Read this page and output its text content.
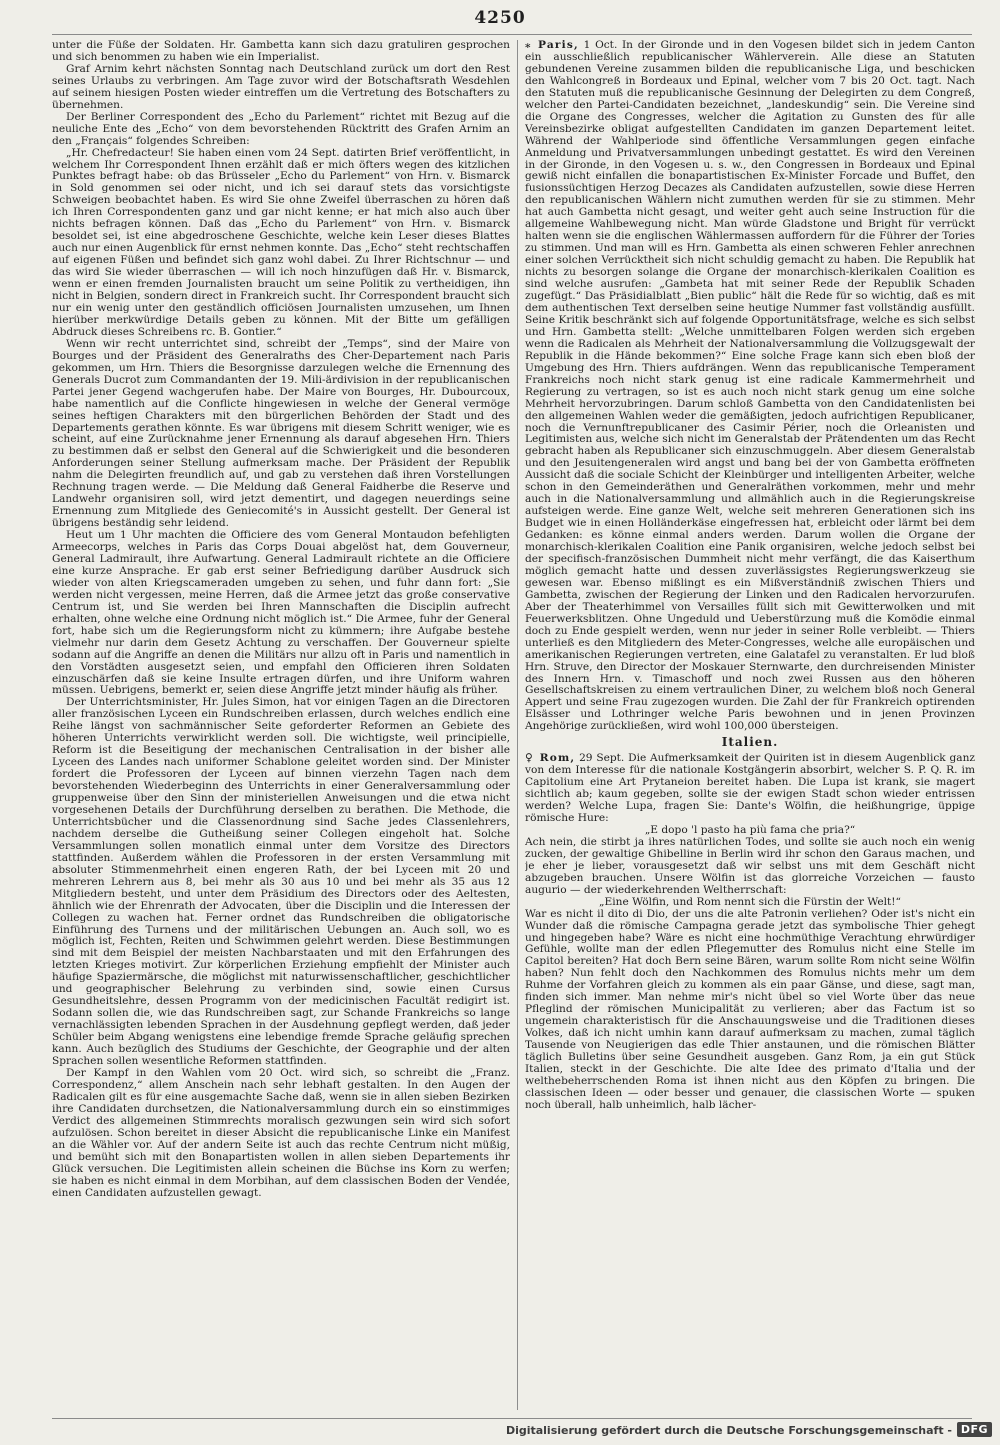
4250

unter die Füße der Soldaten. Hr. Gambetta kann sich dazu gratuliren gesprochen und sich benommen zu haben wie ein Imperialist.

Graf Arnim kehrt nächsten Sonntag nach Deutschland zurück um dort den Rest seines Urlaubs zu verbringen. Am Tage zuvor wird der Botschaftsrath Wesdehlen auf seinem hiesigen Posten wieder eintreffen um die Vertretung des Botschafters zu übernehmen.

Der Berliner Correspondent des „Echo du Parlement“ richtet mit Bezug auf die neuliche Ente des „Echo“ von dem bevorstehenden Rücktritt des Grafen Arnim an den „Français“ folgendes Schreiben:

„Hr. Chefredacteur! Sie haben einen vom 24 Sept. datirten Brief veröffentlicht, in welchem Ihr Correspondent Ihnen erzählt daß er mich öfters wegen des kitzlichen Punktes befragt habe: ob das Brüsseler „Echo du Parlement“ von Hrn. v. Bismarck in Sold genommen sei oder nicht, und ich sei darauf stets das vorsichtigste Schweigen beobachtet haben. Es wird Sie ohne Zweifel überraschen zu hören daß ich Ihren Correspondenten ganz und gar nicht kenne; er hat mich also auch über nichts befragen können. Daß das „Echo du Parlement“ von Hrn. v. Bismarck besoldet sei, ist eine abgedroschene Geschichte, welche kein Leser dieses Blattes auch nur einen Augenblick für ernst nehmen konnte. Das „Echo“ steht rechtschaffen auf eigenen Füßen und befindet sich ganz wohl dabei. Zu Ihrer Richtschnur — und das wird Sie wieder überraschen — will ich noch hinzufügen daß Hr. v. Bismarck, wenn er einen fremden Journalisten braucht um seine Politik zu vertheidigen, ihn nicht in Belgien, sondern direct in Frankreich sucht. Ihr Correspondent braucht sich nur ein wenig unter den geständlich officiösen Journalisten umzusehen, um Ihnen hierüber merkwürdige Details geben zu können. Mit der Bitte um gefälligen Abdruck dieses Schreibens rc. B. Gontier.“

Wenn wir recht unterrichtet sind, schreibt der „Temps“, sind der Maire von Bourges und der Präsident des Generalraths des Cher-Departement nach Paris gekommen, um Hrn. Thiers die Besorgnisse darzulegen welche die Ernennung des Generals Ducrot zum Commandanten der 19. Mili-ärdivision in der republicanischen Partei jener Gegend wachgerufen habe. Der Maire von Bourges, Hr. Dubourcoux, habe namentlich auf die Conflicte hingewiesen in welche der General vermöge seines heftigen Charakters mit den bürgerlichen Behörden der Stadt und des Departements gerathen könnte. Es war übrigens mit diesem Schritt weniger, wie es scheint, auf eine Zurücknahme jener Ernennung als darauf abgesehen Hrn. Thiers zu bestimmen daß er selbst den General auf die Schwierigkeit und die besonderen Anforderungen seiner Stellung aufmerksam mache. Der Präsident der Republik nahm die Delegirten freundlich auf, und gab zu verstehen daß ihren Vorstellungen Rechnung tragen werde. — Die Meldung daß General Faidherbe die Reserve und Landwehr organisiren soll, wird jetzt dementirt, und dagegen neuerdings seine Ernennung zum Mitgliede des Geniecomité's in Aussicht gestellt. Der General ist übrigens beständig sehr leidend.

Heut um 1 Uhr machten die Officiere des vom General Montaudon befehligten Armeecorps, welches in Paris das Corps Douai abgelöst hat, dem Gouverneur, General Ladmirault, ihre Aufwartung. General Ladmirault richtete an die Officiere eine kurze Ansprache. Er gab erst seiner Befriedigung darüber Ausdruck sich wieder von alten Kriegscameraden umgeben zu sehen, und fuhr dann fort: „Sie werden nicht vergessen, meine Herren, daß die Armee jetzt das große conservative Centrum ist, und Sie werden bei Ihren Mannschaften die Disciplin aufrecht erhalten, ohne welche eine Ordnung nicht möglich ist.“ Die Armee, fuhr der General fort, habe sich um die Regierungsform nicht zu kümmern; ihre Aufgabe bestehe vielmehr nur darin dem Gesetz Achtung zu verschaffen. Der Gouverneur spielte sodann auf die Angriffe an denen die Militärs nur allzu oft in Paris und namentlich in den Vorstädten ausgesetzt seien, und empfahl den Officieren ihren Soldaten einzuschärfen daß sie keine Insulte ertragen dürfen, und ihre Uniform wahren müssen. Uebrigens, bemerkt er, seien diese Angriffe jetzt minder häufig als früher.

Der Unterrichtsminister, Hr. Jules Simon, hat vor einigen Tagen an die Directoren aller französischen Lyceen ein Rundschreiben erlassen, durch welches endlich eine Reihe längst von sachmännischer Seite geforderter Reformen an Gebiete des höheren Unterrichts verwirklicht werden soll. Die wichtigste, weil principielle, Reform ist die Beseitigung der mechanischen Centralisation in der bisher alle Lyceen des Landes nach uniformer Schablone geleitet worden sind. Der Minister fordert die Professoren der Lyceen auf binnen vierzehn Tagen nach dem bevorstehenden Wiederbeginn des Unterrichts in einer Generalversammlung oder gruppenweise über den Sinn der ministeriellen Anweisungen und die etwa nicht vorgesehenen Details der Durchführung derselben zu berathen. Die Methode, die Unterrichtsbücher und die Classenordnung sind Sache jedes Classenlehrers, nachdem derselbe die Gutheißung seiner Collegen eingeholt hat. Solche Versammlungen sollen monatlich einmal unter dem Vorsitze des Directors stattfinden. Außerdem wählen die Professoren in der ersten Versammlung mit absoluter Stimmenmehrheit einen engeren Rath, der bei Lyceen mit 20 und mehreren Lehrern aus 8, bei mehr als 30 aus 10 und bei mehr als 35 aus 12 Mitgliedern besteht, und unter dem Präsidium des Directors oder des Aeltesten, ähnlich wie der Ehrenrath der Advocaten, über die Disciplin und die Interessen der Collegen zu wachen hat. Ferner ordnet das Rundschreiben die obligatorische Einführung des Turnens und der militärischen Uebungen an. Auch soll, wo es möglich ist, Fechten, Reiten und Schwimmen gelehrt werden. Diese Bestimmungen sind mit dem Beispiel der meisten Nachbarstaaten und mit den Erfahrungen des letzten Krieges motivirt. Zur körperlichen Erziehung empfiehlt der Minister auch häufige Spaziermärsche, die möglichst mit naturwissenschaftlicher, geschichtlicher und geographischer Belehrung zu verbinden sind, sowie einen Cursus Gesundheitslehre, dessen Programm von der medicinischen Facultät redigirt ist. Sodann sollen die, wie das Rundschreiben sagt, zur Schande Frankreichs so lange vernachlässigten lebenden Sprachen in der Ausdehnung gepflegt werden, daß jeder Schüler beim Abgang wenigstens eine lebendige fremde Sprache geläufig sprechen kann. Auch bezüglich des Studiums der Geschichte, der Geographie und der alten Sprachen sollen wesentliche Reformen stattfinden.

Der Kampf in den Wahlen vom 20 Oct. wird sich, so schreibt die „Franz. Correspondenz,“ allem Anschein nach sehr lebhaft gestalten. In den Augen der Radicalen gilt es für eine ausgemachte Sache daß, wenn sie in allen sieben Bezirken ihre Candidaten durchsetzen, die Nationalversammlung durch ein so einstimmiges Verdict des allgemeinen Stimmrechts moralisch gezwungen sein wird sich sofort aufzulösen. Schon bereitet in dieser Absicht die republicanische Linke ein Manifest an die Wähler vor. Auf der andern Seite ist auch das rechte Centrum nicht müßig, und bemüht sich mit den Bonapartisten wollen in allen sieben Departements ihr Glück versuchen. Die Legitimisten allein scheinen die Büchse ins Korn zu werfen; sie haben es nicht einmal in dem Morbihan, auf dem classischen Boden der Vendée, einen Candidaten aufzustellen gewagt.

⁎ Paris, 1 Oct. In der Gironde und in den Vogesen bildet sich in jedem Canton ein ausschließlich republicanischer Wählerverein. Alle diese an Statuten gebundenen Vereine zusammen bilden die republicanische Liga, und beschicken den Wahlcongreß in Bordeaux und Epinal, welcher vom 7 bis 20 Oct. tagt. Nach den Statuten muß die republicanische Gesinnung der Delegirten zu dem Congreß, welcher den Partei-Candidaten bezeichnet, „landeskundig“ sein. Die Vereine sind die Organe des Congresses, welcher die Agitation zu Gunsten des für alle Vereinsbezirke obligat aufgestellten Candidaten im ganzen Departement leitet. Während der Wahlperiode sind öffentliche Versammlungen gegen einfache Anmeldung und Privatversammlungen unbedingt gestattet. Es wird den Vereinen in der Gironde, in den Vogesen u. s. w., den Congressen in Bordeaux und Epinal gewiß nicht einfallen die bonapartistischen Ex-Minister Forcade und Buffet, den fusionssüchtigen Herzog Decazes als Candidaten aufzustellen, sowie diese Herren den republicanischen Wählern nicht zumuthen werden für sie zu stimmen. Mehr hat auch Gambetta nicht gesagt, und weiter geht auch seine Instruction für die allgemeine Wahlbewegung nicht. Man würde Gladstone und Bright für verrückt halten wenn sie die englischen Wählermassen auffordern für die Führer der Tories zu stimmen. Und man will es Hrn. Gambetta als einen schweren Fehler anrechnen einer solchen Verrücktheit sich nicht schuldig gemacht zu haben. Die Republik hat nichts zu besorgen solange die Organe der monarchisch-klerikalen Coalition es sind welche ausrufen: „Gambeta hat mit seiner Rede der Republik Schaden zugefügt.“ Das Präsidialblatt „Bien public“ hält die Rede für so wichtig, daß es mit dem authentischen Text derselben seine heutige Nummer fast vollständig ausfüllt. Seine Kritik beschränkt sich auf folgende Opportunitätsfrage, welche es sich selbst und Hrn. Gambetta stellt: „Welche unmittelbaren Folgen werden sich ergeben wenn die Radicalen als Mehrheit der Nationalversammlung die Vollzugsgewalt der Republik in die Hände bekommen?“ Eine solche Frage kann sich eben bloß der Umgebung des Hrn. Thiers aufdrängen. Wenn das republicanische Temperament Frankreichs noch nicht stark genug ist eine radicale Kammermehrheit und Regierung zu vertragen, so ist es auch noch nicht stark genug um eine solche Mehrheit hervorzubringen. Darum schloß Gambetta von den Candidatenlisten bei den allgemeinen Wahlen weder die gemäßigten, jedoch aufrichtigen Republicaner, noch die Vernunftrepublicaner des Casimir Périer, noch die Orleanisten und Legitimisten aus, welche sich nicht im Generalstab der Prätendenten um das Recht gebracht haben als Republicaner sich einzuschmuggeln. Aber diesem Generalstab und den Jesuitengeneralen wird angst und bang bei der von Gambetta eröffneten Aussicht daß die sociale Schicht der Kleinbürger und intelligenten Arbeiter, welche schon in den Gemeinderäthen und Generalräthen vorkommen, mehr und mehr auch in die Nationalversammlung und allmählich auch in die Regierungskreise aufsteigen werde. Eine ganze Welt, welche seit mehreren Generationen sich ins Budget wie in einen Holländerkäse eingefressen hat, erbleicht oder lärmt bei dem Gedanken: es könne einmal anders werden. Darum wollen die Organe der monarchisch-klerikalen Coalition eine Panik organisiren, welche jedoch selbst bei der specifisch-französischen Dummheit nicht mehr verfängt, die das Kaiserthum möglich gemacht hatte und dessen zuverlässigstes Regierungswerkzeug sie gewesen war. Ebenso mißlingt es ein Mißverständniß zwischen Thiers und Gambetta, zwischen der Regierung der Linken und den Radicalen hervorzurufen. Aber der Theaterhimmel von Versailles füllt sich mit Gewitterwolken und mit Feuerwerksblitzen. Ohne Ungeduld und Ueberstürzung muß die Komödie einmal doch zu Ende gespielt werden, wenn nur jeder in seiner Rolle verbleibt. — Thiers unterließ es den Mitgliedern des Meter-Congresses, welche alle europäischen und amerikanischen Regierungen vertreten, eine Galatafel zu veranstalten. Er lud bloß Hrn. Struve, den Director der Moskauer Sternwarte, den durchreisenden Minister des Innern Hrn. v. Timaschoff und noch zwei Russen aus den höheren Gesellschaftskreisen zu einem vertraulichen Diner, zu welchem bloß noch General Appert und seine Frau zugezogen wurden. Die Zahl der für Frankreich optirenden Elsässer und Lothringer welche Paris bewohnen und in jenen Provinzen Angehörige zurückließen, wird wohl 100,000 übersteigen.

Italien.

♀ Rom, 29 Sept. Die Aufmerksamkeit der Quiriten ist in diesem Augenblick ganz von dem Interesse für die nationale Kostgängerin absorbirt, welcher S. P. Q. R. im Capitolium eine Art Prytaneion bereitet haben. Die Lupa ist krank, sie magert sichtlich ab; kaum gegeben, sollte sie der ewigen Stadt schon wieder entrissen werden? Welche Lupa, fragen Sie: Dante's Wölfin, die heißhungrige, üppige römische Hure:

„E dopo 'l pasto ha più fama che pria?“

Ach nein, die stirbt ja ihres natürlichen Todes, und sollte sie auch noch ein wenig zucken, der gewaltige Ghibelline in Berlin wird ihr schon den Garaus machen, und je eher je lieber, vorausgesetzt daß wir selbst uns mit dem Geschäft nicht abzugeben brauchen. Unsere Wölfin ist das glorreiche Vorzeichen — fausto augurio — der wiederkehrenden Weltherrschaft:

„Eine Wölfin, und Rom nennt sich die Fürstin der Welt!“

War es nicht il dito di Dio, der uns die alte Patronin verliehen? Oder ist's nicht ein Wunder daß die römische Campagna gerade jetzt das symbolische Thier gehegt und hingegeben habe? Wäre es nicht eine hochmüthige Verachtung ehrwürdiger Gefühle, wollte man der edlen Pflegemutter des Romulus nicht eine Stelle im Capitol bereiten? Hat doch Bern seine Bären, warum sollte Rom nicht seine Wölfin haben? Nun fehlt doch den Nachkommen des Romulus nichts mehr um dem Ruhme der Vorfahren gleich zu kommen als ein paar Gänse, und diese, sagt man, finden sich immer. Man nehme mir's nicht übel so viel Worte über das neue Pfleglind der römischen Municipalität zu verlieren; aber das Factum ist so ungemein charakteristisch für die Anschauungsweise und die Traditionen dieses Volkes, daß ich nicht umhin kann darauf aufmerksam zu machen, zumal täglich Tausende von Neugierigen das edle Thier anstaunen, und die römischen Blätter täglich Bulletins über seine Gesundheit ausgeben. Ganz Rom, ja ein gut Stück Italien, steckt in der Geschichte. Die alte Idee des primato d'Italia und der welthebeherrschenden Roma ist ihnen nicht aus den Köpfen zu bringen. Die classischen Ideen — oder besser und genauer, die classischen Worte — spuken noch überall, halb unheimlich, halb lächer-

Digitalisierung gefördert durch die Deutsche Forschungsgemeinschaft - DFG
